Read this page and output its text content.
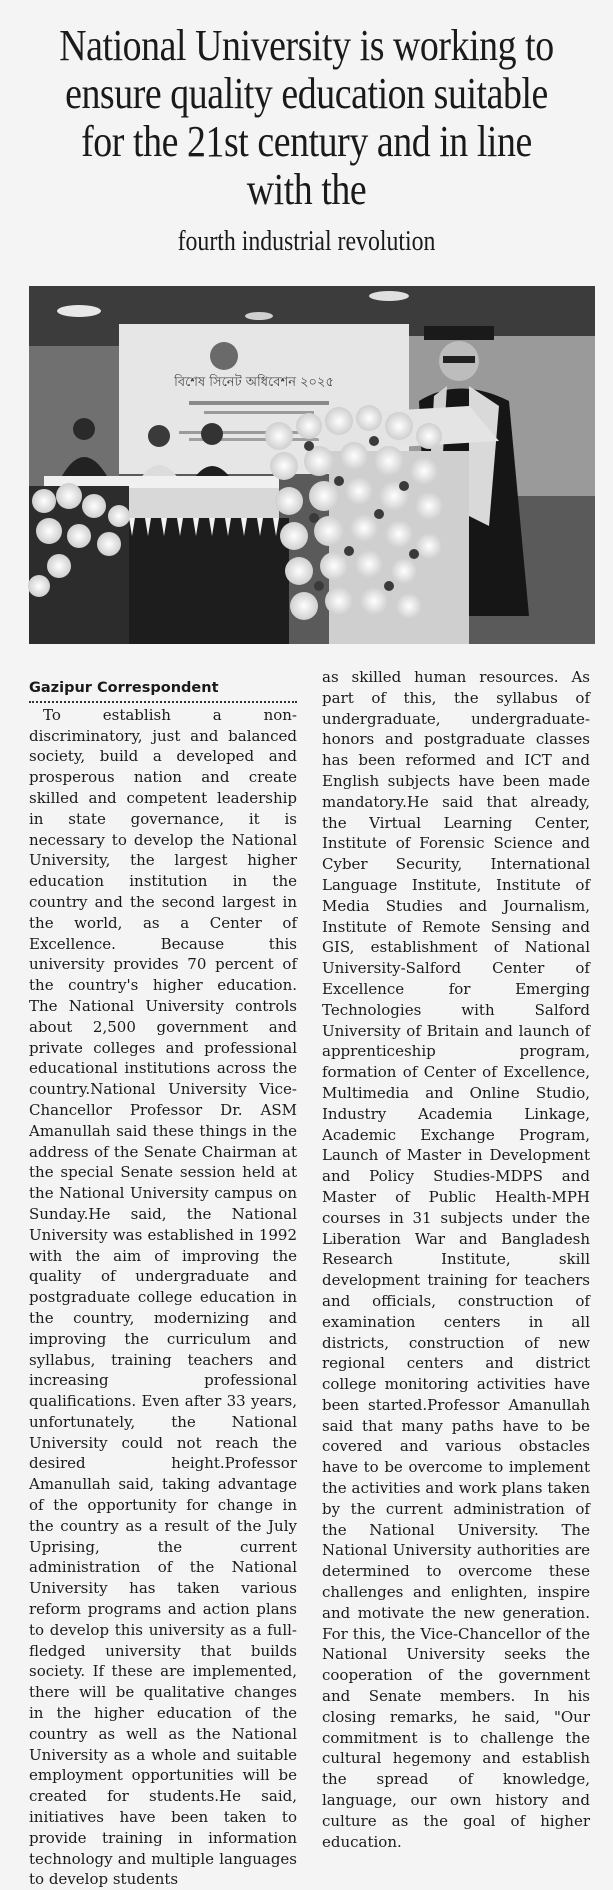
National University is working to ensure quality education suitable for the 21st century and in line with the
fourth industrial revolution
বিশেষ সিনেট অধিবেশন ২০২৫
Gazipur Correspondent

To establish a non-discriminatory, just and balanced society, build a developed and prosperous nation and create skilled and competent leadership in state governance, it is necessary to develop the National University, the largest higher education institution in the country and the second largest in the world, as a Center of Excellence. Because this university provides 70 percent of the country's higher education. The National University controls about 2,500 government and private colleges and professional educational institutions across the country.National University Vice-Chancellor Professor Dr. ASM Amanullah said these things in the address of the Senate Chairman at the special Senate session held at the National University campus on Sunday.He said, the National University was established in 1992 with the aim of improving the quality of undergraduate and postgraduate college education in the country, modernizing and improving the curriculum and syllabus, training teachers and increasing professional qualifications. Even after 33 years, unfortunately, the National University could not reach the desired height.Professor Amanullah said, taking advantage of the opportunity for change in the country as a result of the July Uprising, the current administration of the National University has taken various reform programs and action plans to develop this university as a full-fledged university that builds society. If these are implemented, there will be qualitative changes in the higher education of the country as well as the National University as a whole and suitable employment opportunities will be created for students.He said, initiatives have been taken to provide training in information technology and multiple languages to develop students

as skilled human resources. As part of this, the syllabus of undergraduate, undergraduate-honors and postgraduate classes has been reformed and ICT and English subjects have been made mandatory.He said that already, the Virtual Learning Center, Institute of Forensic Science and Cyber Security, International Language Institute, Institute of Media Studies and Journalism, Institute of Remote Sensing and GIS, establishment of National University-Salford Center of Excellence for Emerging Technologies with Salford University of Britain and launch of apprenticeship program, formation of Center of Excellence, Multimedia and Online Studio, Industry Academia Linkage, Academic Exchange Program, Launch of Master in Development and Policy Studies-MDPS and Master of Public Health-MPH courses in 31 subjects under the Liberation War and Bangladesh Research Institute, skill development training for teachers and officials, construction of examination centers in all districts, construction of new regional centers and district college monitoring activities have been started.Professor Amanullah said that many paths have to be covered and various obstacles have to be overcome to implement the activities and work plans taken by the current administration of the National University. The National University authorities are determined to overcome these challenges and enlighten, inspire and motivate the new generation. For this, the Vice-Chancellor of the National University seeks the cooperation of the government and Senate members. In his closing remarks, he said, "Our commitment is to challenge the cultural hegemony and establish the spread of knowledge, language, our own history and culture as the goal of higher education.
